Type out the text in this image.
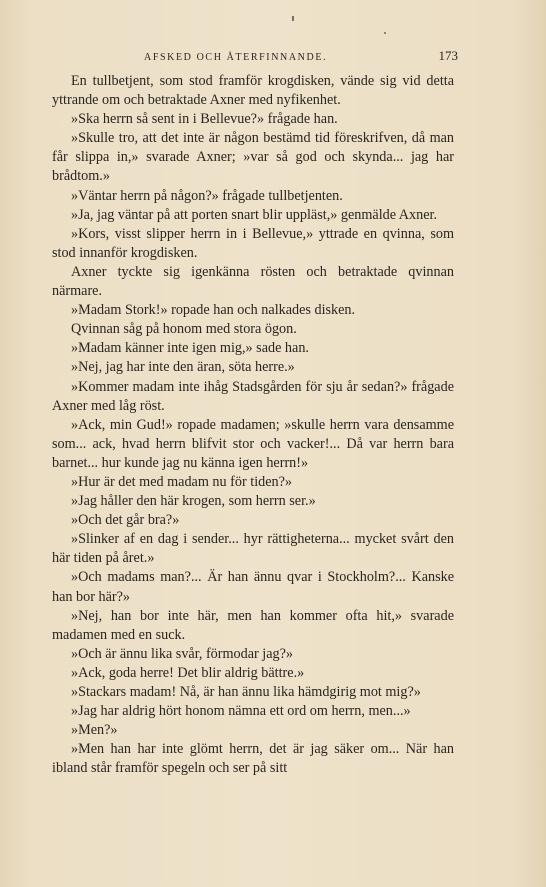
AFSKED OCH ÅTERFINNANDE.	173

En tullbetjent, som stod framför krogdisken, vände sig vid detta yttrande om och betraktade Axner med nyfikenhet.

»Ska herrn så sent in i Bellevue?» frågade han.

»Skulle tro, att det inte är någon bestämd tid föreskrifven, då man får slippa in,» svarade Axner; »var så god och skynda... jag har brådtom.»

»Väntar herrn på någon?» frågade tullbetjenten.

»Ja, jag väntar på att porten snart blir uppläst,» genmälde Axner.

»Kors, visst slipper herrn in i Bellevue,» yttrade en qvinna, som stod innanför krogdisken.

Axner tyckte sig igenkänna rösten och betraktade qvinnan närmare.

»Madam Stork!» ropade han och nalkades disken.

Qvinnan såg på honom med stora ögon.

»Madam känner inte igen mig,» sade han.

»Nej, jag har inte den äran, söta herre.»

»Kommer madam inte ihåg Stadsgården för sju år sedan?» frågade Axner med låg röst.

»Ack, min Gud!» ropade madamen; »skulle herrn vara densamme som... ack, hvad herrn blifvit stor och vacker!... Då var herrn bara barnet... hur kunde jag nu känna igen herrn!»

»Hur är det med madam nu för tiden?»

»Jag håller den här krogen, som herrn ser.»

»Och det går bra?»

»Slinker af en dag i sender... hyr rättigheterna... mycket svårt den här tiden på året.»

»Och madams man?... Är han ännu qvar i Stockholm?... Kanske han bor här?»

»Nej, han bor inte här, men han kommer ofta hit,» svarade madamen med en suck.

»Och är ännu lika svår, förmodar jag?»

»Ack, goda herre! Det blir aldrig bättre.»

»Stackars madam! Nå, är han ännu lika hämdgirig mot mig?»

»Jag har aldrig hört honom nämna ett ord om herrn, men...»

»Men?»

»Men han har inte glömt herrn, det är jag säker om... När han ibland står framför spegeln och ser på sitt
